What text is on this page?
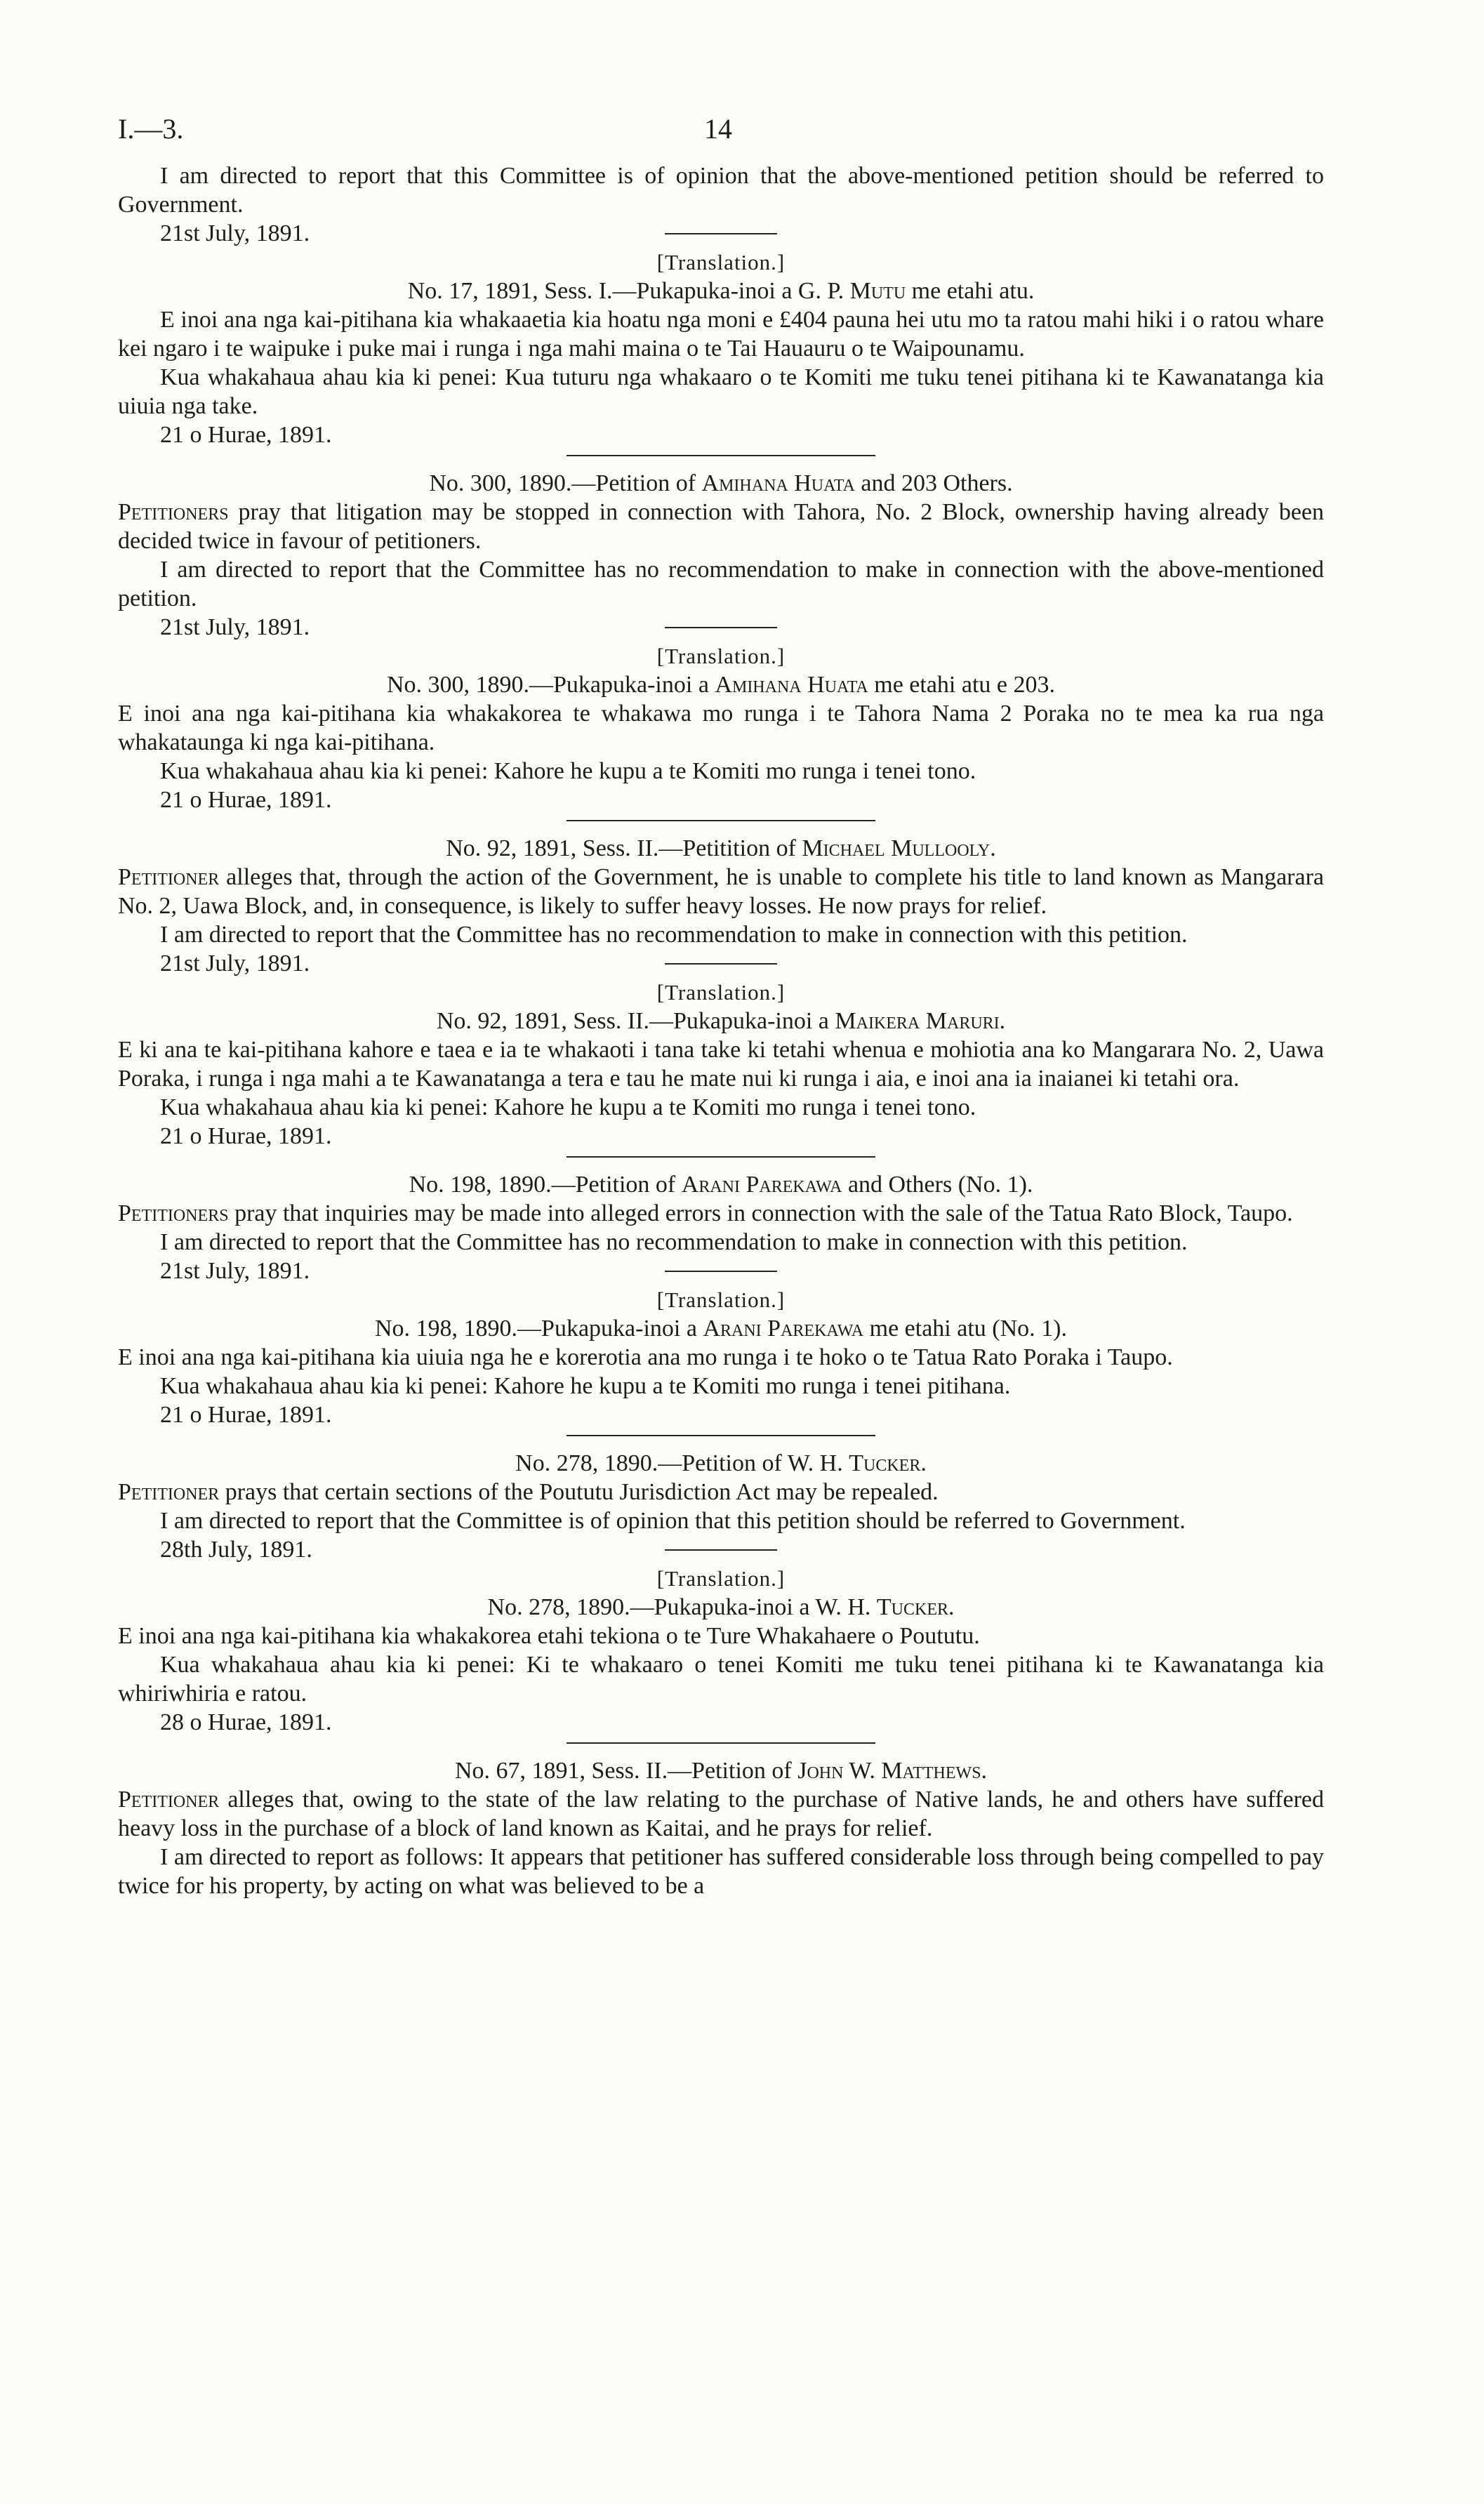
I.—3.	14

I am directed to report that this Committee is of opinion that the above-mentioned petition should be referred to Government.

21st July, 1891.

[Translation.]

No. 17, 1891, Sess. I.—Pukapuka-inoi a G. P. Mutu me etahi atu.

E inoi ana nga kai-pitihana kia whakaaetia kia hoatu nga moni e £404 pauna hei utu mo ta ratou mahi hiki i o ratou whare kei ngaro i te waipuke i puke mai i runga i nga mahi maina o te Tai Hauauru o te Waipounamu.

Kua whakahaua ahau kia ki penei: Kua tuturu nga whakaaro o te Komiti me tuku tenei pitihana ki te Kawanatanga kia uiuia nga take.

21 o Hurae, 1891.

No. 300, 1890.—Petition of Amihana Huata and 203 Others.

Petitioners pray that litigation may be stopped in connection with Tahora, No. 2 Block, ownership having already been decided twice in favour of petitioners.

I am directed to report that the Committee has no recommendation to make in connection with the above-mentioned petition.

21st July, 1891.

[Translation.]

No. 300, 1890.—Pukapuka-inoi a Amihana Huata me etahi atu e 203.

E inoi ana nga kai-pitihana kia whakakorea te whakawa mo runga i te Tahora Nama 2 Poraka no te mea ka rua nga whakataunga ki nga kai-pitihana.

Kua whakahaua ahau kia ki penei: Kahore he kupu a te Komiti mo runga i tenei tono.

21 o Hurae, 1891.

No. 92, 1891, Sess. II.—Petitition of Michael Mullooly.

Petitioner alleges that, through the action of the Government, he is unable to complete his title to land known as Mangarara No. 2, Uawa Block, and, in consequence, is likely to suffer heavy losses. He now prays for relief.

I am directed to report that the Committee has no recommendation to make in connection with this petition.

21st July, 1891.

[Translation.]

No. 92, 1891, Sess. II.—Pukapuka-inoi a Maikera Maruri.

E ki ana te kai-pitihana kahore e taea e ia te whakaoti i tana take ki tetahi whenua e mohiotia ana ko Mangarara No. 2, Uawa Poraka, i runga i nga mahi a te Kawanatanga a tera e tau he mate nui ki runga i aia, e inoi ana ia inaianei ki tetahi ora.

Kua whakahaua ahau kia ki penei: Kahore he kupu a te Komiti mo runga i tenei tono.

21 o Hurae, 1891.

No. 198, 1890.—Petition of Arani Parekawa and Others (No. 1).

Petitioners pray that inquiries may be made into alleged errors in connection with the sale of the Tatua Rato Block, Taupo.

I am directed to report that the Committee has no recommendation to make in connection with this petition.

21st July, 1891.

[Translation.]

No. 198, 1890.—Pukapuka-inoi a Arani Parekawa me etahi atu (No. 1).

E inoi ana nga kai-pitihana kia uiuia nga he e korerotia ana mo runga i te hoko o te Tatua Rato Poraka i Taupo.

Kua whakahaua ahau kia ki penei: Kahore he kupu a te Komiti mo runga i tenei pitihana.

21 o Hurae, 1891.

No. 278, 1890.—Petition of W. H. Tucker.

Petitioner prays that certain sections of the Poututu Jurisdiction Act may be repealed.

I am directed to report that the Committee is of opinion that this petition should be referred to Government.

28th July, 1891.

[Translation.]

No. 278, 1890.—Pukapuka-inoi a W. H. Tucker.

E inoi ana nga kai-pitihana kia whakakorea etahi tekiona o te Ture Whakahaere o Poututu.

Kua whakahaua ahau kia ki penei: Ki te whakaaro o tenei Komiti me tuku tenei pitihana ki te Kawanatanga kia whiriwhiria e ratou.

28 o Hurae, 1891.

No. 67, 1891, Sess. II.—Petition of John W. Matthews.

Petitioner alleges that, owing to the state of the law relating to the purchase of Native lands, he and others have suffered heavy loss in the purchase of a block of land known as Kaitai, and he prays for relief.

I am directed to report as follows: It appears that petitioner has suffered considerable loss through being compelled to pay twice for his property, by acting on what was believed to be a
